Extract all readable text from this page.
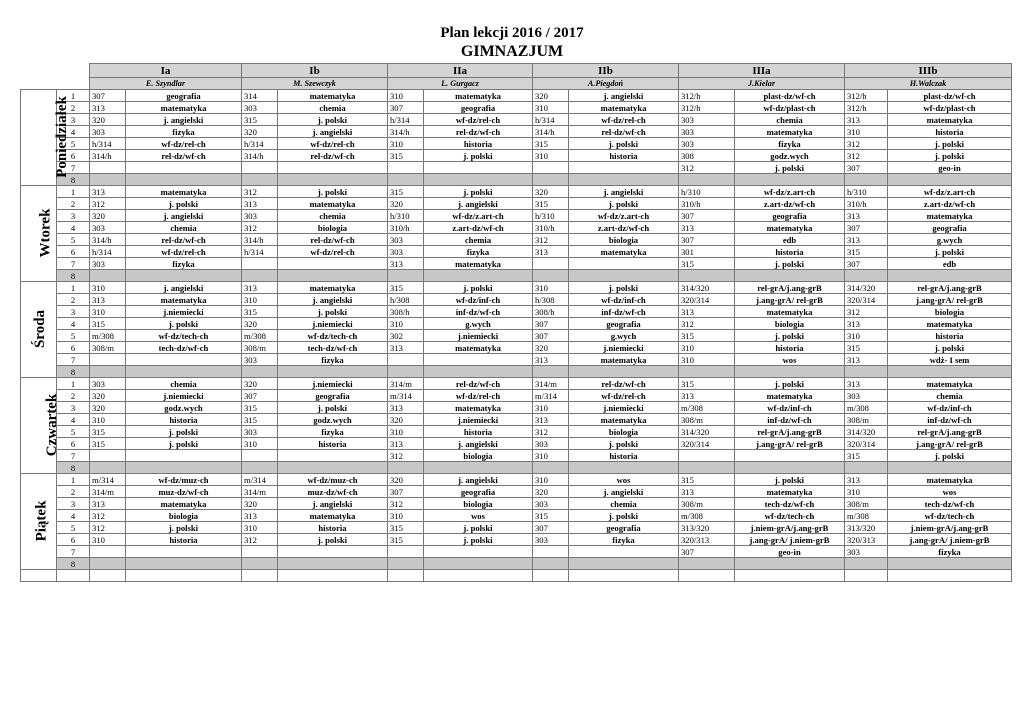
Plan lekcji 2016 / 2017
GIMNAZJUM
		Ia		Ib		IIa		IIb		IIIa		IIIb	
		E. Szyndlar		M. Szewczyk		L. Gurgacz		A.Piegdoń		J.Kielar		H.Walczak	
Poniedziałek	1	307	geografia	314	matematyka	310	matematyka	320	j. angielski	312/h	plast-dz/wf-ch	312/h	plast-dz/wf-ch
	2	313	matematyka	303	chemia	307	geografia	310	matematyka	312/h	wf-dz/plast-ch	312/h	wf-dz/plast-ch
	3	320	j. angielski	315	j. polski	h/314	wf-dz/rel-ch	h/314	wf-dz/rel-ch	303	chemia	313	matematyka
	4	303	fizyka	320	j. angielski	314/h	rel-dz/wf-ch	314/h	rel-dz/wf-ch	303	matematyka	310	historia
	5	h/314	wf-dz/rel-ch	h/314	wf-dz/rel-ch	310	historia	315	j. polski	303	fizyka	312	j. polski
	6	314/h	rel-dz/wf-ch	314/h	rel-dz/wf-ch	315	j. polski	310	historia	308	godz.wych	312	j. polski
	7									312	j. polski	307	geo-in
	8												
Wtorek	1	313	matematyka	312	j. polski	315	j. polski	320	j. angielski	h/310	wf-dz/z.art-ch	h/310	wf-dz/z.art-ch
	2	312	j. polski	313	matematyka	320	j. angielski	315	j. polski	310/h	z.art-dz/wf-ch	310/h	z.art-dz/wf-ch
	3	320	j. angielski	303	chemia	h/310	wf-dz/z.art-ch	h/310	wf-dz/z.art-ch	307	geografia	313	matematyka
	4	303	chemia	312	biologia	310/h	z.art-dz/wf-ch	310/h	z.art-dz/wf-ch	313	matematyka	307	geografia
	5	314/h	rel-dz/wf-ch	314/h	rel-dz/wf-ch	303	chemia	312	biologia	307	edb	313	g.wych
	6	h/314	wf-dz/rel-ch	h/314	wf-dz/rel-ch	303	fizyka	313	matematyka	301	historia	315	j. polski
	7	303	fizyka			313	matematyka			315	j. polski	307	edb
	8												
Środa	1	310	j. angielski	313	matematyka	315	j. polski	310	j. polski	314/320	rel-grA/j.ang-grB	314/320	rel-grA/j.ang-grB
	2	313	matematyka	310	j. angielski	h/308	wf-dz/inf-ch	h/308	wf-dz/inf-ch	320/314	j.ang-grA/ rel-grB	320/314	j.ang-grA/ rel-grB
	3	310	j.niemiecki	315	j. polski	308/h	inf-dz/wf-ch	308/h	inf-dz/wf-ch	313	matematyka	312	biologia
	4	315	j. polski	320	j.niemiecki	310	g.wych	307	geografia	312	biologia	313	matematyka
	5	m/308	wf-dz/tech-ch	m/308	wf-dz/tech-ch	302	j.niemiecki	307	g.wych	315	j. polski	310	historia
	6	308/m	tech-dz/wf-ch	308/m	tech-dz/wf-ch	313	matematyka	320	j.niemiecki	310	historia	315	j. polski
	7			303	fizyka			313	matematyka	310	wos	313	wdż- I sem
	8												
Czwartek	1	303	chemia	320	j.niemiecki	314/m	rel-dz/wf-ch	314/m	rel-dz/wf-ch	315	j. polski	313	matematyka
	2	320	j.niemiecki	307	geografia	m/314	wf-dz/rel-ch	m/314	wf-dz/rel-ch	313	matematyka	303	chemia
	3	320	godz.wych	315	j. polski	313	matematyka	310	j.niemiecki	m/308	wf-dz/inf-ch	m/308	wf-dz/inf-ch
	4	310	historia	315	godz.wych	320	j.niemiecki	313	matematyka	308/m	inf-dz/wf-ch	308/m	inf-dz/wf-ch
	5	315	j. polski	303	fizyka	310	historia	312	biologia	314/320	rel-grA/j.ang-grB	314/320	rel-grA/j.ang-grB
	6	315	j. polski	310	historia	313	j. angielski	303	j. polski	320/314	j.ang-grA/ rel-grB	320/314	j.ang-grA/ rel-grB
	7					312	biologia	310	historia			315	j. polski
	8												
Piątek	1	m/314	wf-dz/muz-ch	m/314	wf-dz/muz-ch	320	j. angielski	310	wos	315	j. polski	313	matematyka
	2	314/m	muz-dz/wf-ch	314/m	muz-dz/wf-ch	307	geografia	320	j. angielski	313	matematyka	310	wos
	3	313	matematyka	320	j. angielski	312	biologia	303	chemia	308/m	tech-dz/wf-ch	308/m	tech-dz/wf-ch
	4	312	biologia	313	matematyka	310	wos	315	j. polski	m/308	wf-dz/tech-ch	m/308	wf-dz/tech-ch
	5	312	j. polski	310	historia	315	j. polski	307	geografia	313/320	j.niem-grA/j.ang-grB	313/320	j.niem-grA/j.ang-grB
	6	310	historia	312	j. polski	315	j. polski	303	fizyka	320/313	j.ang-grA/ j.niem-grB	320/313	j.ang-grA/ j.niem-grB
	7									307	geo-in	303	fizyka
	8												
